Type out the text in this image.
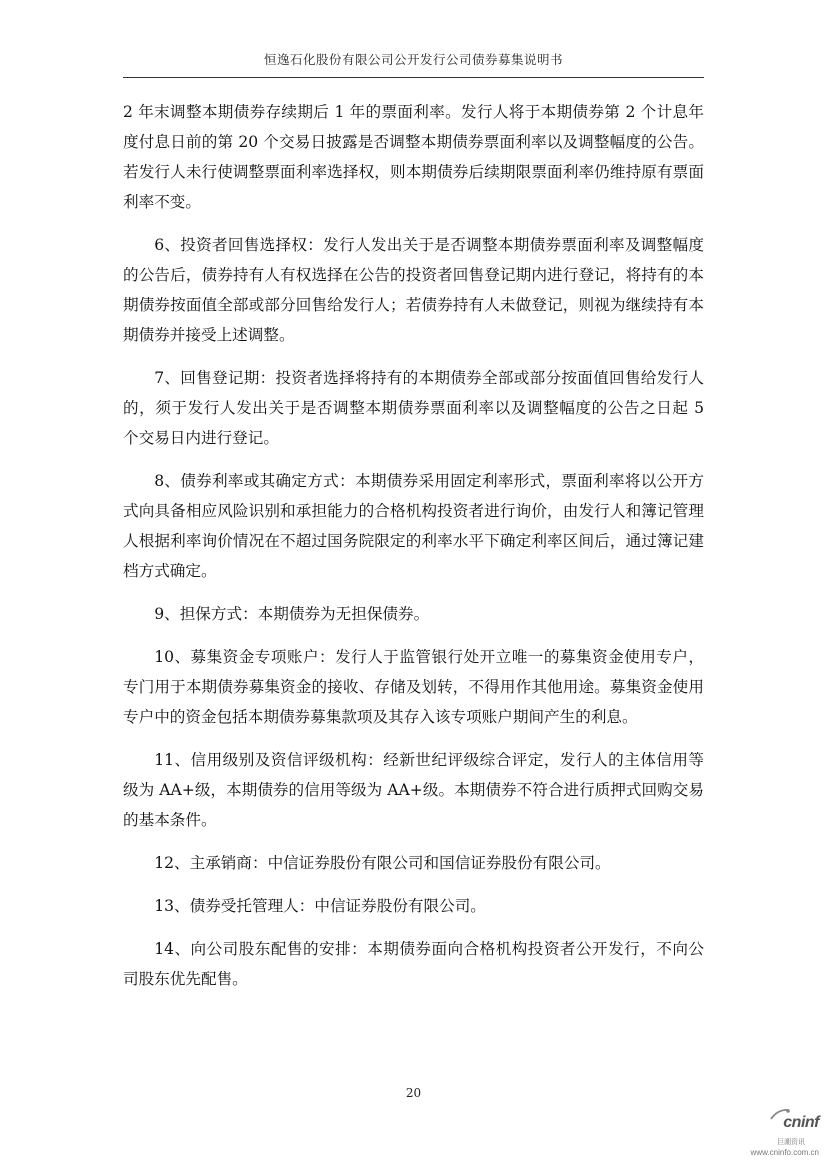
恒逸石化股份有限公司公开发行公司债券募集说明书

2 年末调整本期债券存续期后 1 年的票面利率。发行人将于本期债券第 2 个计息年度付息日前的第 20 个交易日披露是否调整本期债券票面利率以及调整幅度的公告。若发行人未行使调整票面利率选择权，则本期债券后续期限票面利率仍维持原有票面利率不变。

6、投资者回售选择权：发行人发出关于是否调整本期债券票面利率及调整幅度的公告后，债券持有人有权选择在公告的投资者回售登记期内进行登记，将持有的本期债券按面值全部或部分回售给发行人；若债券持有人未做登记，则视为继续持有本期债券并接受上述调整。

7、回售登记期：投资者选择将持有的本期债券全部或部分按面值回售给发行人的，须于发行人发出关于是否调整本期债券票面利率以及调整幅度的公告之日起 5 个交易日内进行登记。

8、债券利率或其确定方式：本期债券采用固定利率形式，票面利率将以公开方式向具备相应风险识别和承担能力的合格机构投资者进行询价，由发行人和簿记管理人根据利率询价情况在不超过国务院限定的利率水平下确定利率区间后，通过簿记建档方式确定。

9、担保方式：本期债券为无担保债券。

10、募集资金专项账户：发行人于监管银行处开立唯一的募集资金使用专户，专门用于本期债券募集资金的接收、存储及划转，不得用作其他用途。募集资金使用专户中的资金包括本期债券募集款项及其存入该专项账户期间产生的利息。

11、信用级别及资信评级机构：经新世纪评级综合评定，发行人的主体信用等级为 AA+级，本期债券的信用等级为 AA+级。本期债券不符合进行质押式回购交易的基本条件。

12、主承销商：中信证券股份有限公司和国信证券股份有限公司。

13、债券受托管理人：中信证券股份有限公司。

14、向公司股东配售的安排：本期债券面向合格机构投资者公开发行，不向公司股东优先配售。

20
cninf
巨潮资讯
www.cninfo.com.cn
